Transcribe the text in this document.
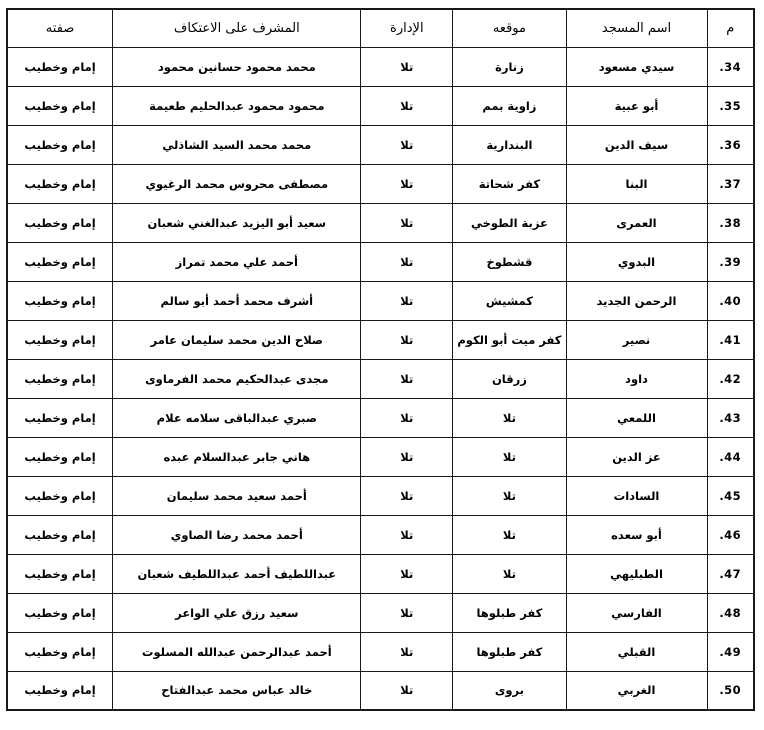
م	اسم المسجد	موقعه	الإدارة	المشرف على الاعتكاف	صفته
.34	سيدي مسعود	زنارة	تلا	محمد محمود حسانين محمود	إمام وخطيب
.35	أبو عبية	زاوية بمم	تلا	محمود محمود عبدالحليم طعيمة	إمام وخطيب
.36	سيف الدين	البندارية	تلا	محمد محمد السيد الشاذلي	إمام وخطيب
.37	البنا	كفر شحاتة	تلا	مصطفى محروس محمد الرغيوي	إمام وخطيب
.38	العمرى	عزبة الطوخي	تلا	سعيد أبو اليزيد عبدالغني شعبان	إمام وخطيب
.39	البدوي	قشطوخ	تلا	أحمد علي محمد تمراز	إمام وخطيب
.40	الرحمن الجديد	كمشيش	تلا	أشرف محمد أحمد أبو سالم	إمام وخطيب
.41	نصير	كفر ميت أبو الكوم	تلا	صلاح الدين محمد سليمان عامر	إمام وخطيب
.42	داود	زرقان	تلا	مجدى عبدالحكيم محمد الفرماوى	إمام وخطيب
.43	اللمعي	تلا	تلا	صبري عبدالباقى سلامه علام	إمام وخطيب
.44	عز الدين	تلا	تلا	هاني جابر عبدالسلام عبده	إمام وخطيب
.45	السادات	تلا	تلا	أحمد سعيد محمد سليمان	إمام وخطيب
.46	أبو سعده	تلا	تلا	أحمد محمد رضا الصاوي	إمام وخطيب
.47	الطبليهي	تلا	تلا	عبداللطيف أحمد عبداللطيف شعبان	إمام وخطيب
.48	الفارسي	كفر طبلوها	تلا	سعيد رزق علي الواعر	إمام وخطيب
.49	القبلي	كفر طبلوها	تلا	أحمد عبدالرحمن عبدالله المسلوت	إمام وخطيب
.50	الغربي	بروى	تلا	خالد عباس محمد عبدالفتاح	إمام وخطيب
